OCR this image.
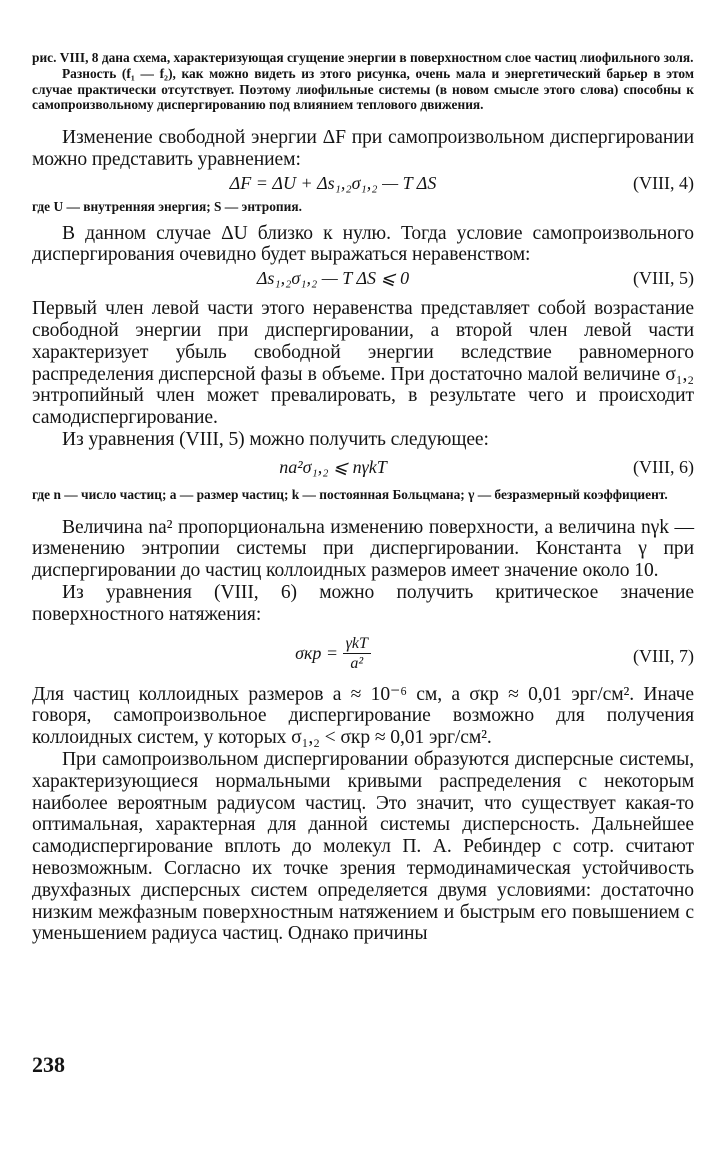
рис. VIII, 8 дана схема, характеризующая сгущение энергии в поверхностном слое частиц лиофильного золя.

Разность (f₁ — f₂), как можно видеть из этого рисунка, очень мала и энергетический барьер в этом случае практически отсутствует. Поэтому лиофильные системы (в новом смысле этого слова) способны к самопроизвольному диспергированию под влиянием теплового движения.

Изменение свободной энергии ΔF при самопроизвольном диспергировании можно представить уравнением:

ΔF = ΔU + Δs₁,₂σ₁,₂ — T ΔS	(VIII, 4)

где U — внутренняя энергия; S — энтропия.

В данном случае ΔU близко к нулю. Тогда условие самопроизвольного диспергирования очевидно будет выражаться неравенством:

Δs₁,₂σ₁,₂ — T ΔS ⩽ 0	(VIII, 5)

Первый член левой части этого неравенства представляет собой возрастание свободной энергии при диспергировании, а второй член левой части характеризует убыль свободной энергии вследствие равномерного распределения дисперсной фазы в объеме. При достаточно малой величине σ₁,₂ энтропийный член может превалировать, в результате чего и происходит самодиспергирование.

Из уравнения (VIII, 5) можно получить следующее:

na²σ₁,₂ ⩽ nγkT	(VIII, 6)

где n — число частиц; a — размер частиц; k — постоянная Больцмана; γ — безразмерный коэффициент.

Величина na² пропорциональна изменению поверхности, а величина nγk — изменению энтропии системы при диспергировании. Константа γ при диспергировании до частиц коллоидных размеров имеет значение около 10.

Из уравнения (VIII, 6) можно получить критическое значение поверхностного натяжения:

$\sigma кр = \frac{\text{γkT}}{\text{a²}}$	(VIII, 7)

Для частиц коллоидных размеров a ≈ 10⁻⁶ см, а σкр ≈ 0,01 эрг/см². Иначе говоря, самопроизвольное диспергирование возможно для получения коллоидных систем, у которых σ₁,₂ < σкр ≈ 0,01 эрг/см².

При самопроизвольном диспергировании образуются дисперсные системы, характеризующиеся нормальными кривыми распределения с некоторым наиболее вероятным радиусом частиц. Это значит, что существует какая-то оптимальная, характерная для данной системы дисперсность. Дальнейшее самодиспергирование вплоть до молекул П. А. Ребиндер с сотр. считают невозможным. Согласно их точке зрения термодинамическая устойчивость двухфазных дисперсных систем определяется двумя условиями: достаточно низким межфазным поверхностным натяжением и быстрым его повышением с уменьшением радиуса частиц. Однако причины

238
